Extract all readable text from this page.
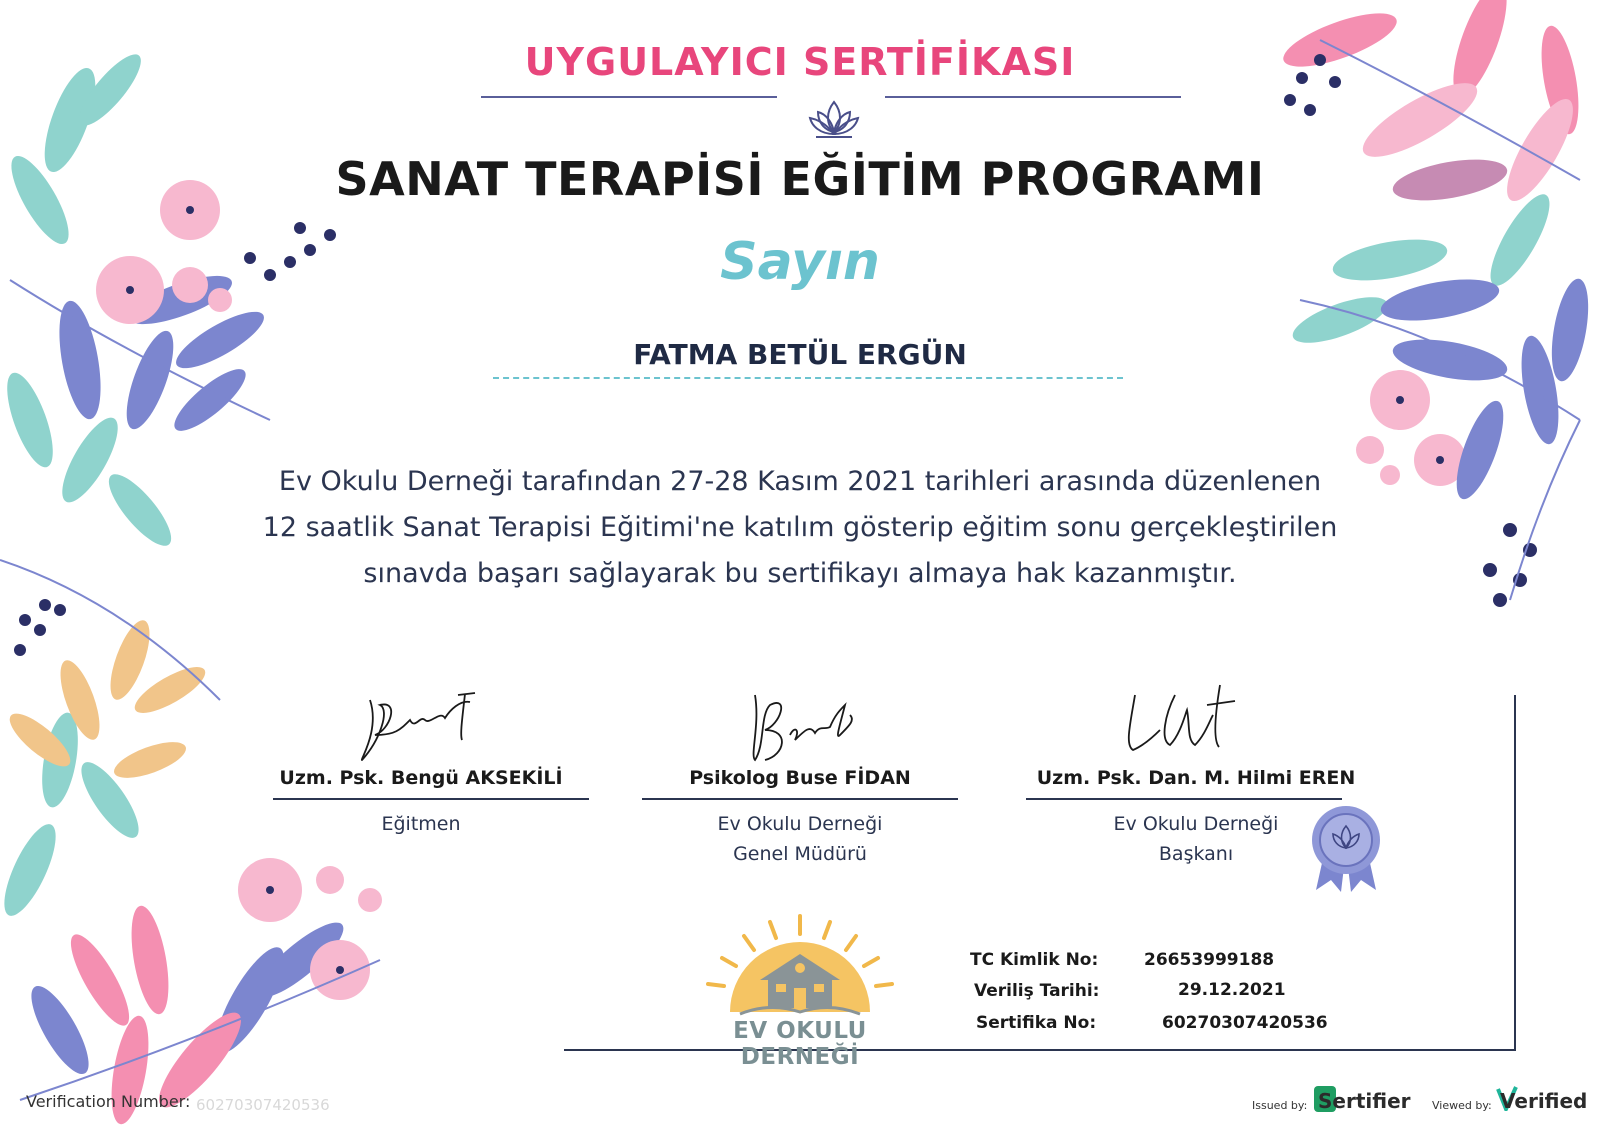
UYGULAYICI SERTİFİKASI
SANAT TERAPİSİ EĞİTİM PROGRAMI
Sayın
FATMA BETÜL ERGÜN
Ev Okulu Derneği tarafından 27-28 Kasım 2021 tarihleri arasında düzenlenen
12 saatlik Sanat Terapisi Eğitimi'ne katılım gösterip eğitim sonu gerçekleştirilen
sınavda başarı sağlayarak bu sertifikayı almaya hak kazanmıştır.
Uzm. Psk. Bengü AKSEKİLİ
Eğitmen
Psikolog Buse FİDAN
Ev Okulu Derneği
Genel Müdürü
Uzm. Psk. Dan. M. Hilmi EREN
Ev Okulu Derneği
Başkanı
EV OKULU DERNEĞİ
TC Kimlik No:	26653999188
Veriliş Tarihi:	29.12.2021
Sertifika No:	60270307420536
Verification Number: 60270307420536	Issued by: Sertifier Viewed by: Verified
